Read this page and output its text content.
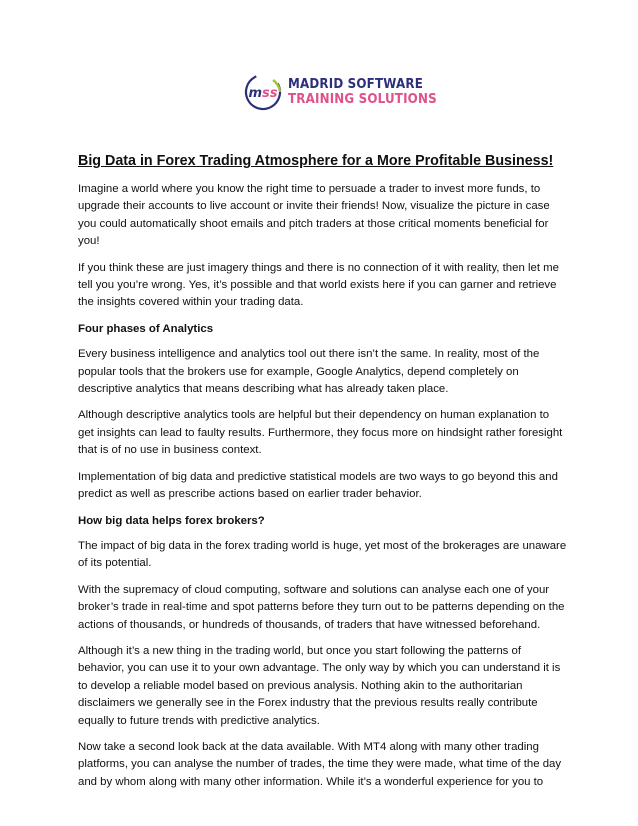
mss
MADRID SOFTWARE
TRAINING SOLUTIONS
Big Data in Forex Trading Atmosphere for a More Profitable Business!

Imagine a world where you know the right time to persuade a trader to invest more funds, to upgrade their accounts to live account or invite their friends! Now, visualize the picture in case you could automatically shoot emails and pitch traders at those critical moments beneficial for you!

If you think these are just imagery things and there is no connection of it with reality, then let me tell you you’re wrong. Yes, it’s possible and that world exists here if you can garner and retrieve the insights covered within your trading data.

Four phases of Analytics

Every business intelligence and analytics tool out there isn’t the same. In reality, most of the popular tools that the brokers use for example, Google Analytics, depend completely on descriptive analytics that means describing what has already taken place.

Although descriptive analytics tools are helpful but their dependency on human explanation to get insights can lead to faulty results. Furthermore, they focus more on hindsight rather foresight that is of no use in business context.

Implementation of big data and predictive statistical models are two ways to go beyond this and predict as well as prescribe actions based on earlier trader behavior.

How big data helps forex brokers?

The impact of big data in the forex trading world is huge, yet most of the brokerages are unaware of its potential.

With the supremacy of cloud computing, software and solutions can analyse each one of your broker’s trade in real-time and spot patterns before they turn out to be patterns depending on the actions of thousands, or hundreds of thousands, of traders that have witnessed beforehand.

Although it’s a new thing in the trading world, but once you start following the patterns of behavior, you can use it to your own advantage. The only way by which you can understand it is to develop a reliable model based on previous analysis. Nothing akin to the authoritarian disclaimers we generally see in the Forex industry that the previous results really contribute equally to future trends with predictive analytics.

Now take a second look back at the data available. With MT4 along with many other trading platforms, you can analyse the number of trades, the time they were made, what time of the day and by whom along with many other information. While it’s a wonderful experience for you to
